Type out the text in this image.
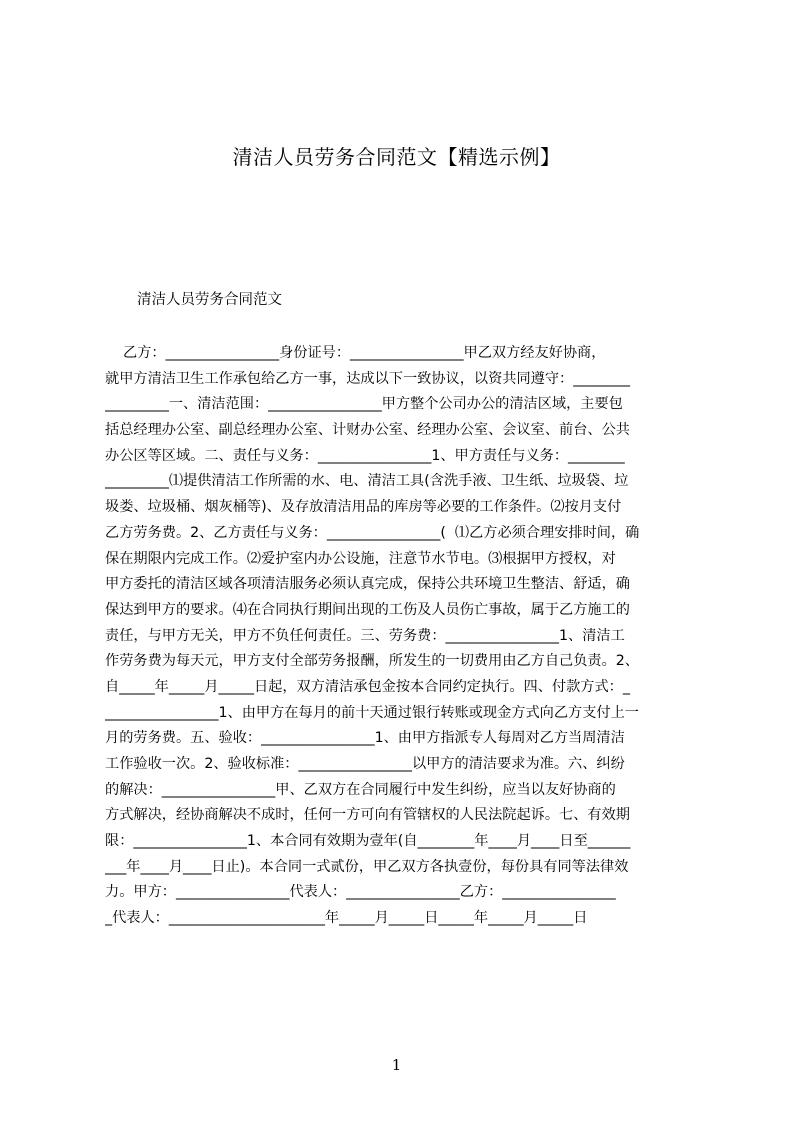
清洁人员劳务合同范文【精选示例】
清洁人员劳务合同范文
乙方：________________身份证号：________________甲乙双方经友好协商，
就甲方清洁卫生工作承包给乙方一事，达成以下一致协议，以资共同遵守：________
_________一、清洁范围：________________甲方整个公司办公的清洁区域，主要包
括总经理办公室、副总经理办公室、计财办公室、经理办公室、会议室、前台、公共
办公区等区域。二、责任与义务：________________1、甲方责任与义务：________
_________⑴提供清洁工作所需的水、电、清洁工具(含洗手液、卫生纸、垃圾袋、垃
圾娄、垃圾桶、烟灰桶等)、及存放清洁用品的库房等必要的工作条件。⑵按月支付
乙方劳务费。2、乙方责任与义务：________________(  ⑴乙方必须合理安排时间，确
保在期限内完成工作。⑵爱护室内办公设施，注意节水节电。⑶根据甲方授权，对
甲方委托的清洁区域各项清洁服务必须认真完成，保持公共环境卫生整洁、舒适，确
保达到甲方的要求。⑷在合同执行期间出现的工伤及人员伤亡事故，属于乙方施工的
责任，与甲方无关，甲方不负任何责任。三、劳务费：________________1、清洁工
作劳务费为每天元，甲方支付全部劳务报酬，所发生的一切费用由乙方自己负责。2、
自_____年_____月_____日起，双方清洁承包金按本合同约定执行。四、付款方式：_
________________1、由甲方在每月的前十天通过银行转账或现金方式向乙方支付上一
月的劳务费。五、验收：________________1、由甲方指派专人每周对乙方当周清洁
工作验收一次。2、验收标准：________________以甲方的清洁要求为准。六、纠纷
的解决：________________甲、乙双方在合同履行中发生纠纷，应当以友好协商的
方式解决，经协商解决不成时，任何一方可向有管辖权的人民法院起诉。七、有效期
限：________________1、本合同有效期为壹年(自________年____月____日至______
___年____月____日止)。本合同一式贰份，甲乙双方各执壹份，每份具有同等法律效
力。甲方：________________代表人：________________乙方：________________
_代表人：______________________年_____月_____日_____年_____月_____日
1
